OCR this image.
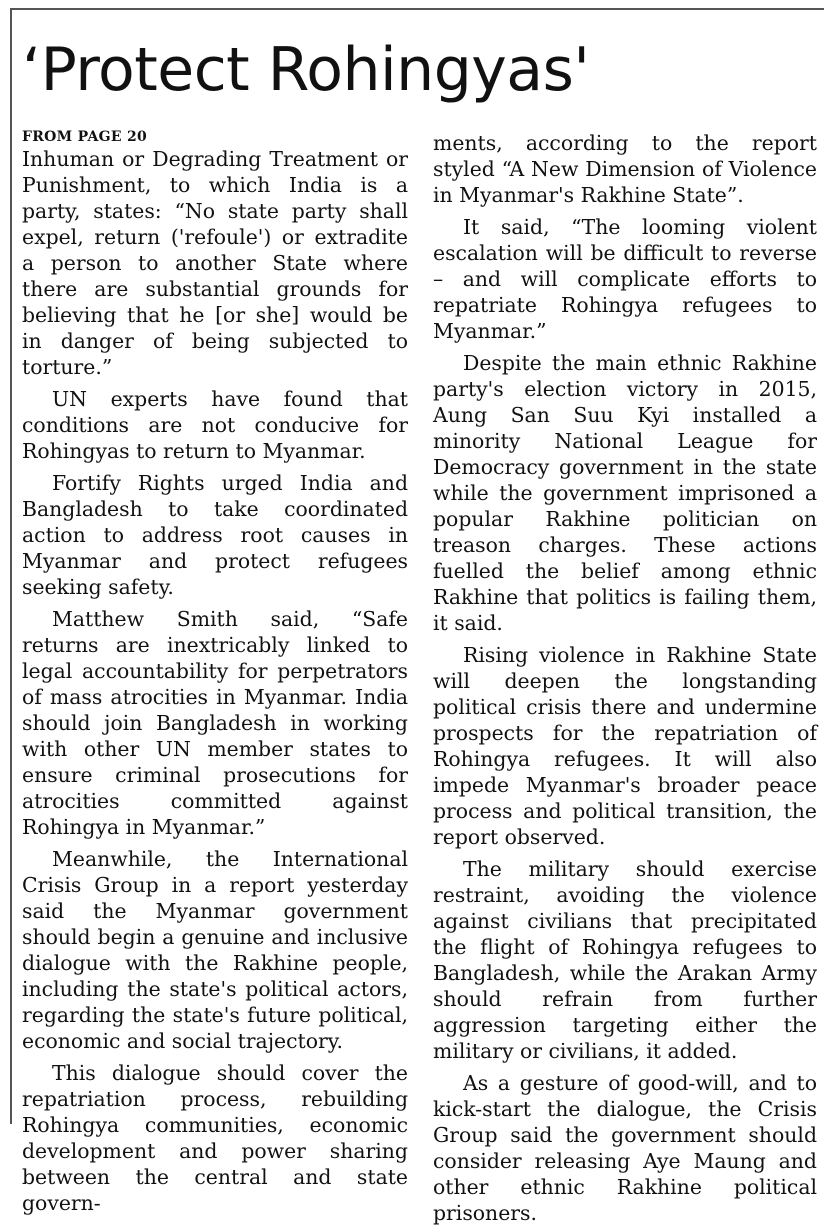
‘Protect Rohingyas'
FROM PAGE 20

Inhuman or Degrading Treatment or Punishment, to which India is a party, states: “No state party shall expel, return ('refoule') or extradite a person to another State where there are substantial grounds for believing that he [or she] would be in danger of being subjected to torture.”

UN experts have found that conditions are not conducive for Rohingyas to return to Myanmar.

Fortify Rights urged India and Bangladesh to take coordinated action to address root causes in Myanmar and protect refugees seeking safety.

Matthew Smith said, “Safe returns are inextricably linked to legal accountability for perpetrators of mass atrocities in Myanmar. India should join Bangladesh in working with other UN member states to ensure criminal prosecutions for atrocities committed against Rohingya in Myanmar.”

Meanwhile, the International Crisis Group in a report yesterday said the Myanmar government should begin a genuine and inclusive dialogue with the Rakhine people, including the state's political actors, regarding the state's future political, economic and social trajectory.

This dialogue should cover the repatriation process, rebuilding Rohingya communities, economic development and power sharing between the central and state govern-

ments, according to the report styled “A New Dimension of Violence in Myanmar's Rakhine State”.

It said, “The looming violent escalation will be difficult to reverse – and will complicate efforts to repatriate Rohingya refugees to Myanmar.”

Despite the main ethnic Rakhine party's election victory in 2015, Aung San Suu Kyi installed a minority National League for Democracy government in the state while the government imprisoned a popular Rakhine politician on treason charges. These actions fuelled the belief among ethnic Rakhine that politics is failing them, it said.

Rising violence in Rakhine State will deepen the longstanding political crisis there and undermine prospects for the repatriation of Rohingya refugees. It will also impede Myanmar's broader peace process and political transition, the report observed.

The military should exercise restraint, avoiding the violence against civilians that precipitated the flight of Rohingya refugees to Bangladesh, while the Arakan Army should refrain from further aggression targeting either the military or civilians, it added.

As a gesture of good-will, and to kick-start the dialogue, the Crisis Group said the government should consider releasing Aye Maung and other ethnic Rakhine political prisoners.
